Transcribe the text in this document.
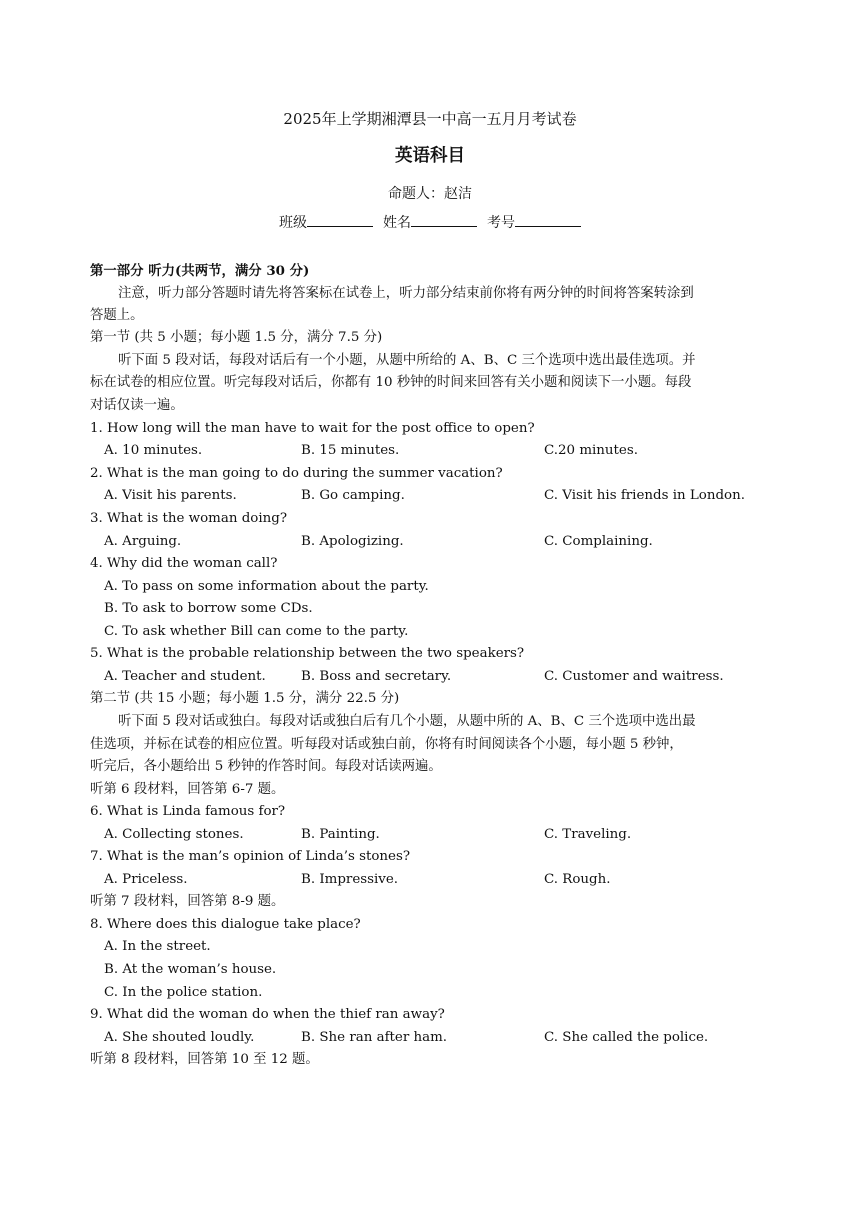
2025年上学期湘潭县一中高一五月月考试卷
英语科目
命题人：赵洁
班级	姓名	考号
第一部分 听力(共两节，满分 30 分)
注意，听力部分答题时请先将答案标在试卷上，听力部分结束前你将有两分钟的时间将答案转涂到
答题上。
第一节 (共 5 小题；每小题 1.5 分，满分 7.5 分)
听下面 5 段对话，每段对话后有一个小题，从题中所给的 A、B、C 三个选项中选出最佳选项。并
标在试卷的相应位置。听完每段对话后，你都有 10 秒钟的时间来回答有关小题和阅读下一小题。每段
对话仅读一遍。
1. How long will the man have to wait for the post office to open?
A. 10 minutes.	B. 15 minutes.	C.20 minutes.
2. What is the man going to do during the summer vacation?
A. Visit his parents.	B. Go camping.	C. Visit his friends in London.
3. What is the woman doing?
A. Arguing.	B. Apologizing.	C. Complaining.
4. Why did the woman call?
A. To pass on some information about the party.
B. To ask to borrow some CDs.
C. To ask whether Bill can come to the party.
5. What is the probable relationship between the two speakers?
A. Teacher and student.	B. Boss and secretary.	C. Customer and waitress.
第二节 (共 15 小题；每小题 1.5 分，满分 22.5 分)
听下面 5 段对话或独白。每段对话或独白后有几个小题，从题中所的 A、B、C 三个选项中选出最
佳选项，并标在试卷的相应位置。听每段对话或独白前，你将有时间阅读各个小题，每小题 5 秒钟，
听完后，各小题给出 5 秒钟的作答时间。每段对话读两遍。
听第 6 段材料，回答第 6-7 题。
6. What is Linda famous for?
A. Collecting stones.	B. Painting.	C. Traveling.
7. What is the man’s opinion of Linda’s stones?
A. Priceless.	B. Impressive.	C. Rough.
听第 7 段材料，回答第 8-9 题。
8. Where does this dialogue take place?
A. In the street.
B. At the woman’s house.
C. In the police station.
9. What did the woman do when the thief ran away?
A. She shouted loudly.	B. She ran after ham.	C. She called the police.
听第 8 段材料，回答第 10 至 12 题。
